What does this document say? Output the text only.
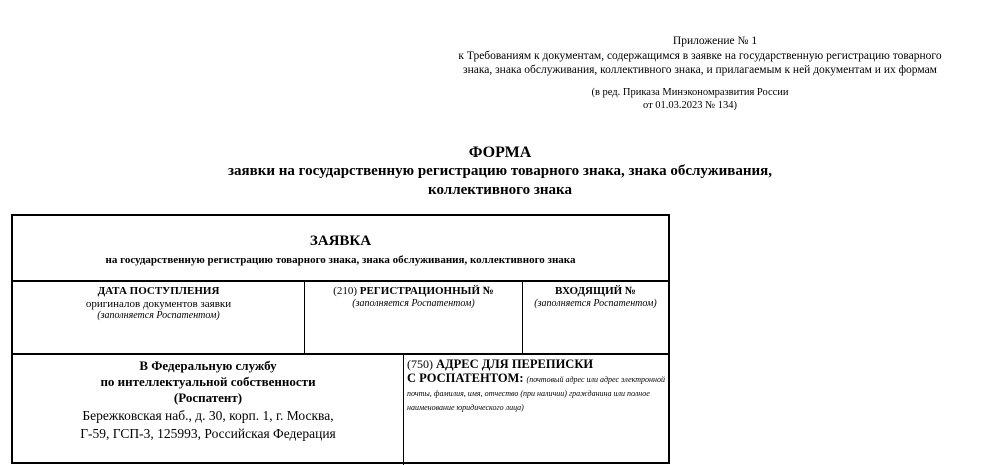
Приложение № 1
к Требованиям к документам, содержащимся в заявке на государственную регистрацию товарного
знака, знака обслуживания, коллективного знака, и прилагаемым к ней документам и их формам
(в ред. Приказа Минэкономразвития России
от 01.03.2023 № 134)
ФОРМА
заявки на государственную регистрацию товарного знака, знака обслуживания,
коллективного знака
ЗАЯВКА
на государственную регистрацию товарного знака, знака обслуживания, коллективного знака
ДАТА ПОСТУПЛЕНИЯ
оригиналов документов заявки
(заполняется Роспатентом)
(210) РЕГИСТРАЦИОННЫЙ №
(заполняется Роспатентом)
ВХОДЯЩИЙ №
(заполняется Роспатентом)
В Федеральную службу
по интеллектуальной собственности
(Роспатент)
Бережковская наб., д. 30, корп. 1, г. Москва,
Г-59, ГСП-3, 125993, Российская Федерация
(750) АДРЕС ДЛЯ ПЕРЕПИСКИ
С РОСПАТЕНТОМ: (почтовый адрес или адрес электронной почты, фамилия, имя, отчество (при наличии) гражданина или полное наименование юридического лица)
